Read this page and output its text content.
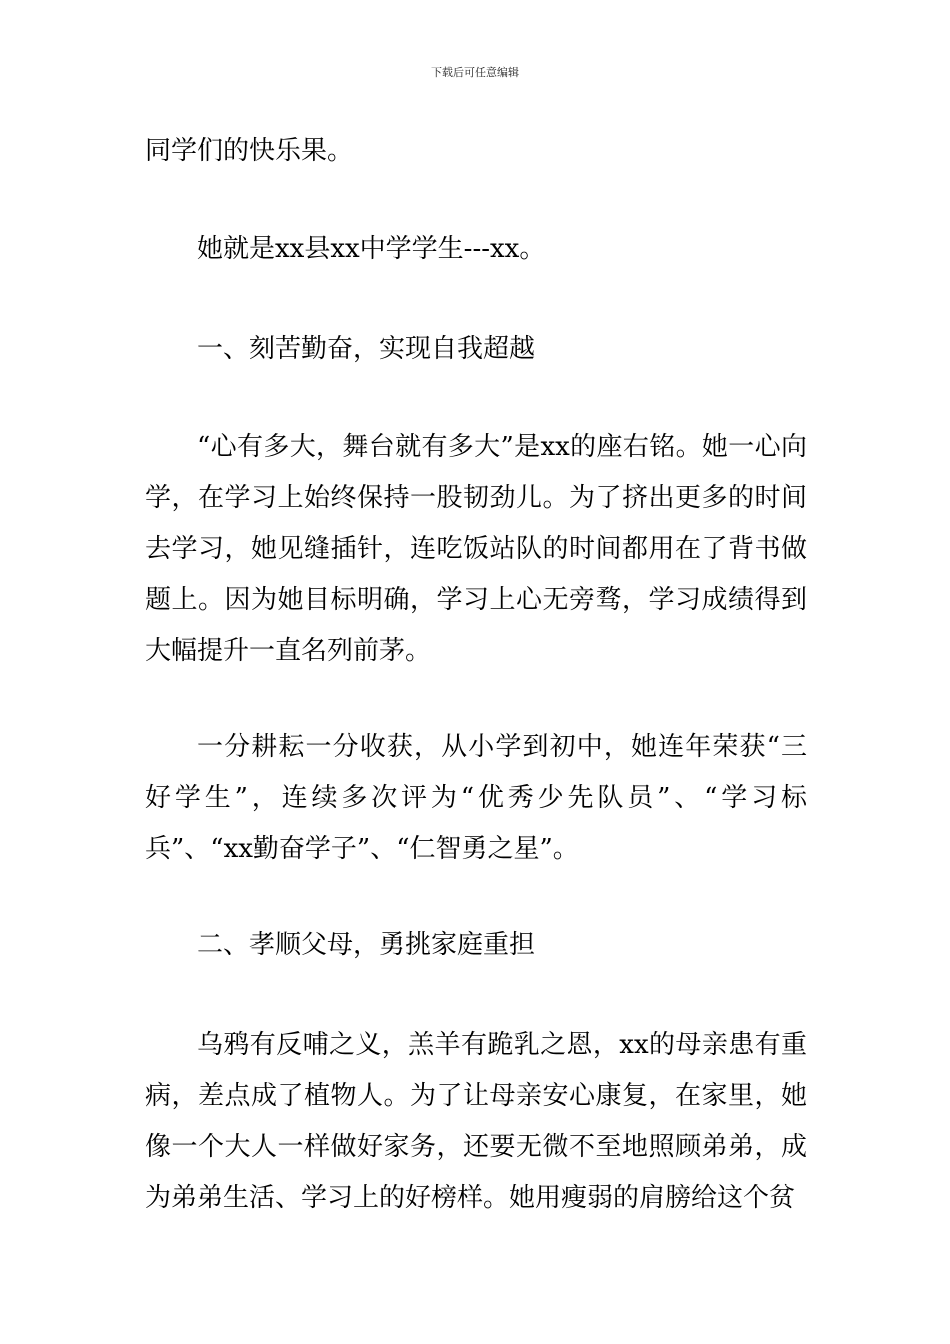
下载后可任意编辑

同学们的快乐果。

她就是xx县xx中学学生---xx。

一、刻苦勤奋，实现自我超越

“心有多大，舞台就有多大”是xx的座右铭。她一心向学，在学习上始终保持一股韧劲儿。为了挤出更多的时间去学习，她见缝插针，连吃饭站队的时间都用在了背书做题上。因为她目标明确，学习上心无旁骛，学习成绩得到大幅提升一直名列前茅。

一分耕耘一分收获，从小学到初中，她连年荣获“三好学生”，连续多次评为“优秀少先队员”、“学习标兵”、“xx勤奋学子”、“仁智勇之星”。

二、孝顺父母，勇挑家庭重担

乌鸦有反哺之义，羔羊有跪乳之恩，xx的母亲患有重病，差点成了植物人。为了让母亲安心康复，在家里，她像一个大人一样做好家务，还要无微不至地照顾弟弟，成为弟弟生活、学习上的好榜样。她用瘦弱的肩膀给这个贫
